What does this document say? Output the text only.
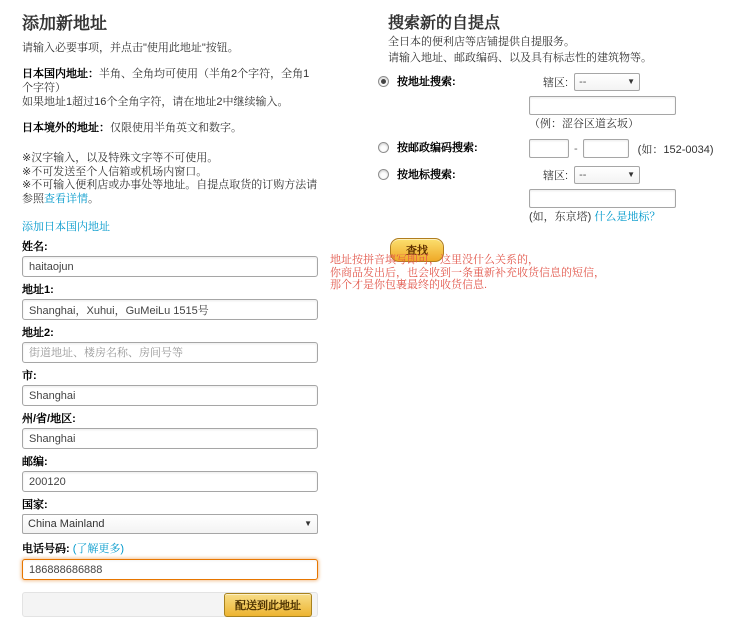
添加新地址
请输入必要事项，并点击"使用此地址"按钮。
日本国内地址：半角、全角均可使用（半角2个字符，全角1个字符）
如果地址1超过16个全角字符，请在地址2中继续输入。
日本境外的地址：仅限使用半角英文和数字。
※汉字输入，以及特殊文字等不可使用。
※不可发送至个人信箱或机场内窗口。
※不可输入便利店或办事处等地址。自提点取货的订购方法请参照查看详情。
添加日本国内地址
姓名:
haitaojun
地址1:
Shanghai，Xuhui，GuMeiLu 1515号
地址2:
街道地址、楼房名称、房间号等
市:
Shanghai
州/省/地区:
Shanghai
邮编:
200120
国家:
China Mainland	▼
电话号码: (了解更多)
186888686888
配送到此地址
搜索新的自提点
全日本的便利店等店铺提供自提服务。
请输入地址、邮政编码、以及具有标志性的建筑物等。
按地址搜索:	辖区: --	▼
（例：涩谷区道玄坂）
按邮政编码搜索:	-	(如：152-0034)
按地标搜索:	辖区: --	▼
(如，东京塔) 什么是地标？
查找
地址按拼音填写即可，这里没什么关系的，
你商品发出后，也会收到一条重新补充收货信息的短信，
那个才是你包裹最终的收货信息.
